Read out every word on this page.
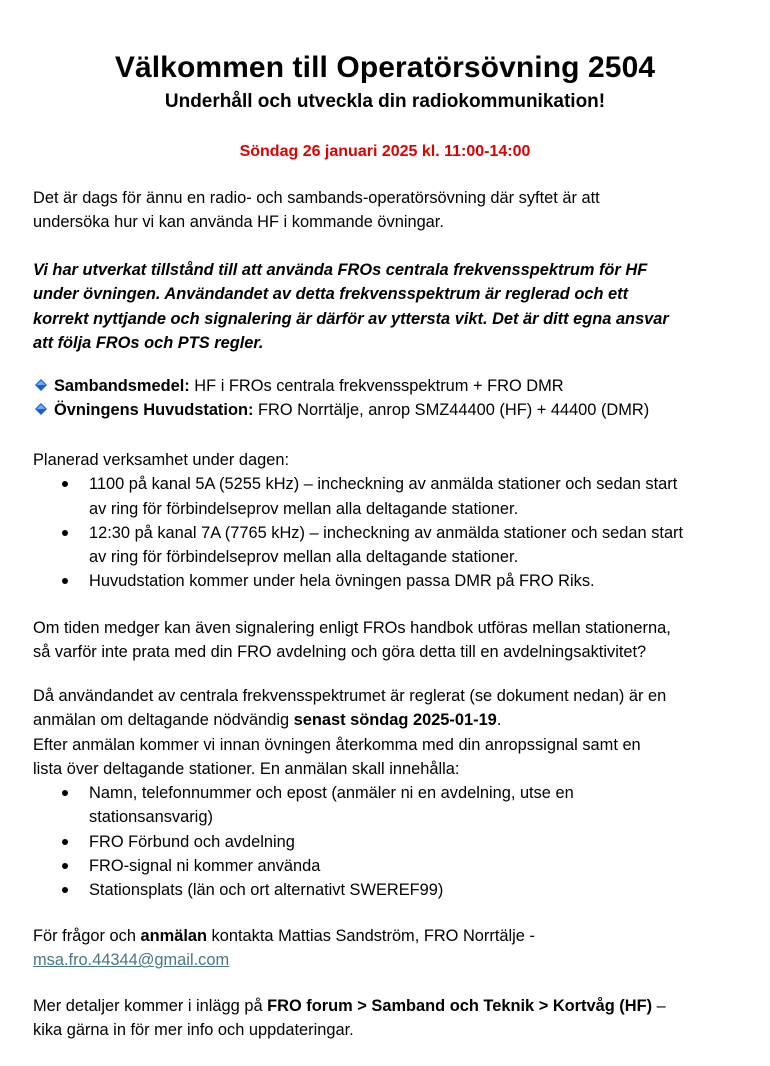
Välkommen till Operatörsövning 2504
Underhåll och utveckla din radiokommunikation!
Söndag 26 januari 2025 kl. 11:00-14:00
Det är dags för ännu en radio- och sambands-operatörsövning där syftet är att
undersöka hur vi kan använda HF i kommande övningar.
Vi har utverkat tillstånd till att använda FROs centrala frekvensspektrum för HF
under övningen. Användandet av detta frekvensspektrum är reglerad och ett
korrekt nyttjande och signalering är därför av yttersta vikt. Det är ditt egna ansvar
att följa FROs och PTS regler.
Sambandsmedel: HF i FROs centrala frekvensspektrum + FRO DMR
Övningens Huvudstation: FRO Norrtälje, anrop SMZ44400 (HF) + 44400 (DMR)
Planerad verksamhet under dagen:
1100 på kanal 5A (5255 kHz) – incheckning av anmälda stationer och sedan start
av ring för förbindelseprov mellan alla deltagande stationer.
12:30 på kanal 7A (7765 kHz) – incheckning av anmälda stationer och sedan start
av ring för förbindelseprov mellan alla deltagande stationer.
Huvudstation kommer under hela övningen passa DMR på FRO Riks.
Om tiden medger kan även signalering enligt FROs handbok utföras mellan stationerna,
så varför inte prata med din FRO avdelning och göra detta till en avdelningsaktivitet?
Då användandet av centrala frekvensspektrumet är reglerat (se dokument nedan) är en
anmälan om deltagande nödvändig senast söndag 2025-01-19.
Efter anmälan kommer vi innan övningen återkomma med din anropssignal samt en
lista över deltagande stationer. En anmälan skall innehålla:
Namn, telefonnummer och epost (anmäler ni en avdelning, utse en
stationsansvarig)
FRO Förbund och avdelning
FRO-signal ni kommer använda
Stationsplats (län och ort alternativt SWEREF99)
För frågor och anmälan kontakta Mattias Sandström, FRO Norrtälje -
msa.fro.44344@gmail.com
Mer detaljer kommer i inlägg på FRO forum > Samband och Teknik > Kortvåg (HF) –
kika gärna in för mer info och uppdateringar.
